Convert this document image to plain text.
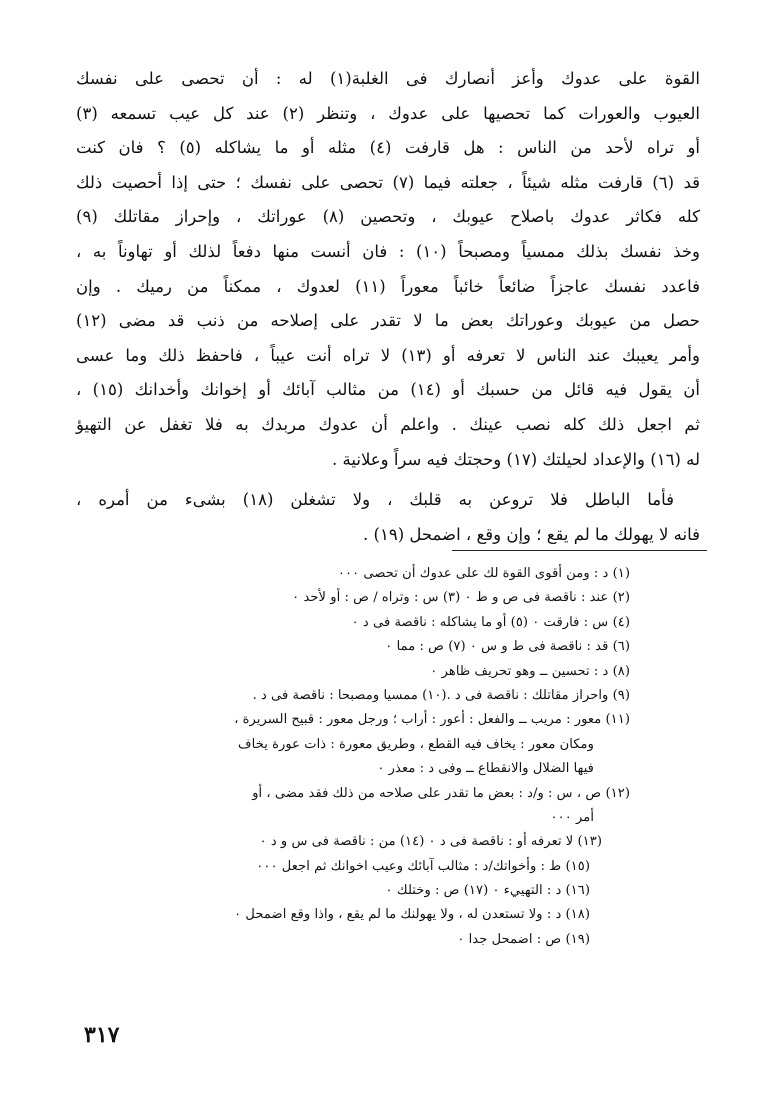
القوة على عدوك وأعز أنصارك فى الغلبة(١) له : أن تحصى على نفسك
العيوب والعورات كما تحصيها على عدوك ، وتنظر (٢) عند كل عيب تسمعه (٣)
أو تراه لأحد من الناس : هل قارفت (٤) مثله أو ما يشاكله (٥) ؟ فان كنت
قد (٦) قارفت مثله شيئاً ، جعلته فيما (٧) تحصى على نفسك ؛ حتى إذا أحصيت ذلك
كله فكاثر عدوك باصلاح عيوبك ، وتحصين (٨) عوراتك ، وإحراز مقاتلك (٩)
وخذ نفسك بذلك ممسياً ومصبحاً (١٠) : فان أنست منها دفعاً لذلك أو تهاوناً به ،
فاعدد نفسك عاجزاً ضائعاً خائباً معوراً (١١) لعدوك ، ممكناً من رميك . وإن
حصل من عيوبك وعوراتك بعض ما لا تقدر على إصلاحه من ذنب قد مضى (١٢)
وأمر يعيبك عند الناس لا تعرفه أو (١٣) لا تراه أنت عيباً ، فاحفظ ذلك وما عسى
أن يقول فيه قائل من حسبك أو (١٤) من مثالب آبائك أو إخوانك وأخدانك (١٥) ،
ثم اجعل ذلك كله نصب عينك . واعلم أن عدوك مربدك به فلا تغفل عن التهيؤ
له (١٦) والإعداد لحيلتك (١٧) وحجتك فيه سراً وعلانية .
فأما الباطل فلا تروعن به قلبك ، ولا تشغلن (١٨) بشىء من أمره ،
فانه لا يهولك ما لم يقع ؛ وإن وقع ، اضمحل (١٩) .
(١) د : ومن أقوى القوة لك على عدوك أن تحصى ٠٠٠
(٢) عند : ناقصة فى ص و ط ٠ (٣) س : وتراه / ص : أو لأحد ٠
(٤) س : فارقت ٠ (٥) أو ما يشاكله : ناقصة فى د ٠
(٦) قد : ناقصة فى ط و س ٠ (٧) ص : مما ٠
(٨) د : تحسين ــ وهو تحريف ظاهر ٠
(٩) واحراز مقاتلك : ناقصة فى د .(١٠) ممسيا ومصبحا : ناقصة فى د .
(١١) معور : مريب ــ والفعل : أعور : أراب ؛ ورجل معور : قبيح السريرة ،
ومكان معور : يخاف فيه القطع ، وطريق معورة : ذات عورة يخاف
فيها الضلال والانقطاع ــ وفى د : معذر ٠
(١٢) ص ، س : و/د : بعض ما تقدر على صلاحه من ذلك فقد مضى ، أو
أمر ٠٠٠
(١٣) لا تعرفه أو : ناقصة فى د ٠ (١٤) من : ناقصة فى س و د ٠
(١٥) ط : وأخواتك/د : مثالب آبائك وعيب اخوانك ثم اجعل ٠٠٠
(١٦) د : التهييء ٠ (١٧) ص : وختلك ٠
(١٨) د : ولا تستعدن له ، ولا يهولنك ما لم يقع ، واذا وقع اضمحل ٠
(١٩) ص : اضمحل جدا ٠
٣١٧
